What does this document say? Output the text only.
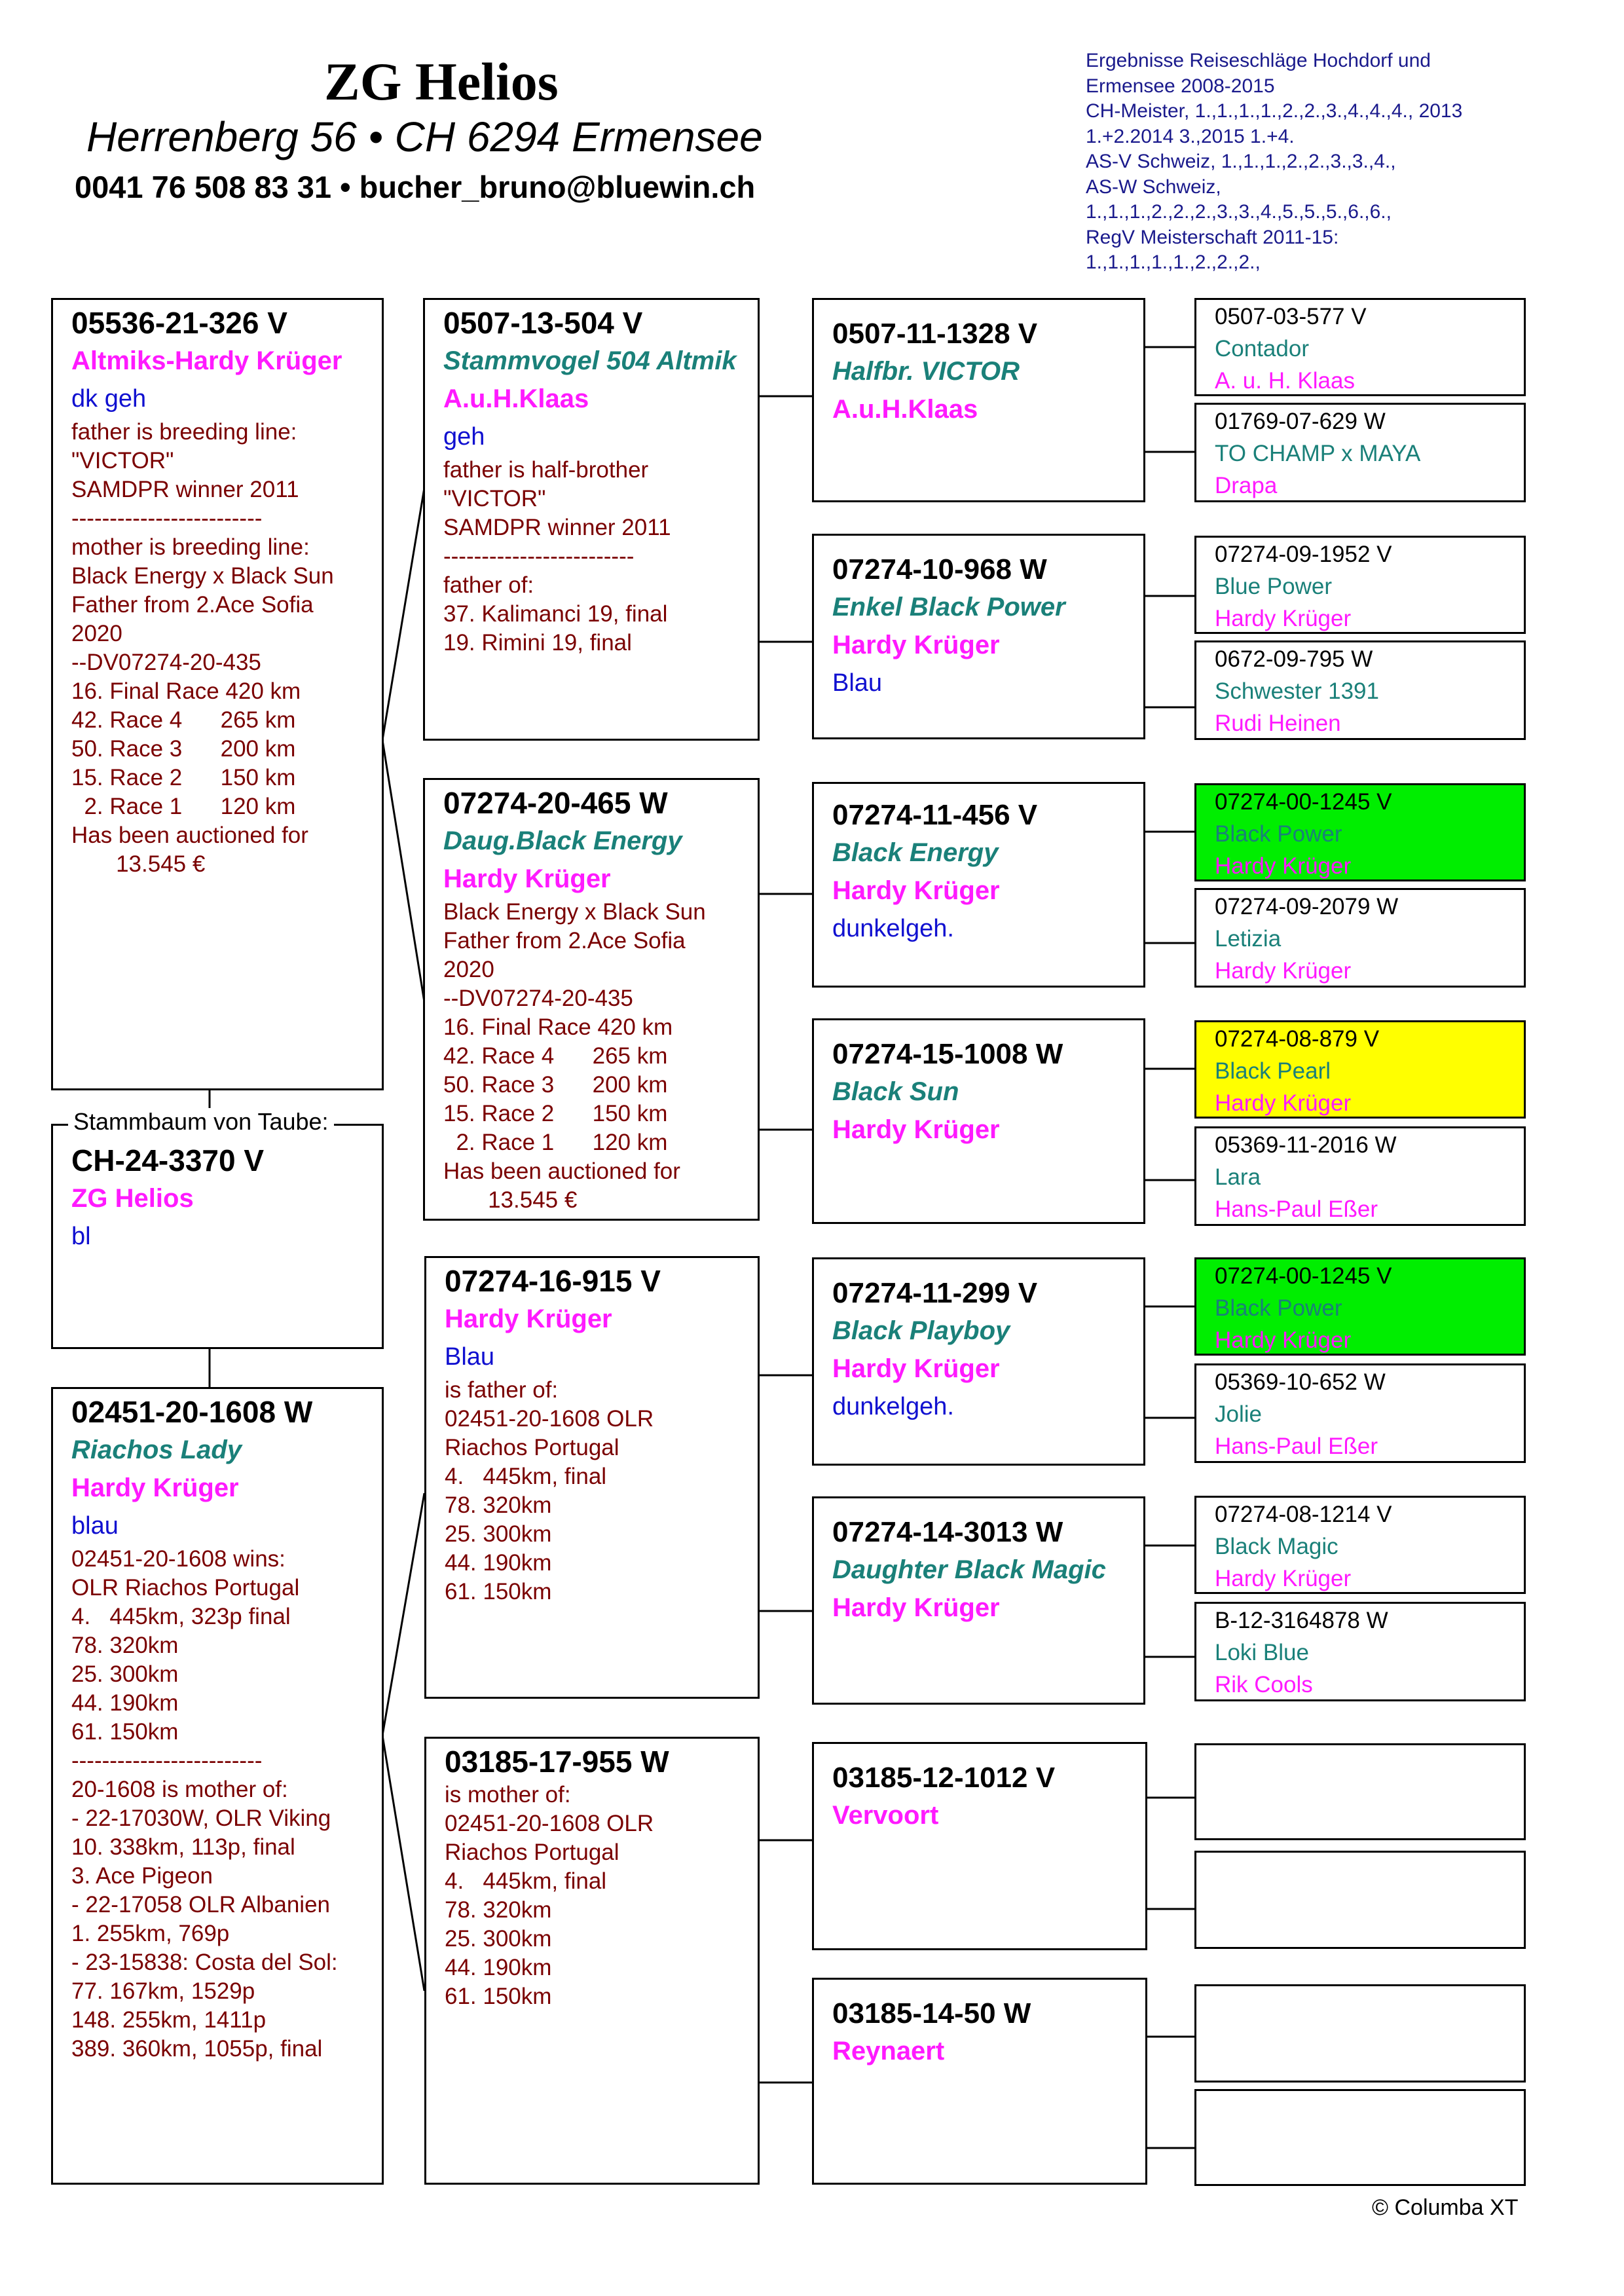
ZG Helios
Herrenberg 56 • CH 6294 Ermensee
0041 76 508 83 31 • bucher_bruno@bluewin.ch
Ergebnisse Reiseschläge Hochdorf und
Ermensee 2008-2015
CH-Meister, 1.,1.,1.,1.,2.,2.,3.,4.,4.,4., 2013
1.+2.2014 3.,2015 1.+4.
AS-V Schweiz, 1.,1.,1.,2.,2.,3.,3.,4.,
AS-W Schweiz,
1.,1.,1.,2.,2.,2.,3.,3.,4.,5.,5.,5.,6.,6.,
RegV Meisterschaft 2011-15:
1.,1.,1.,1.,1.,2.,2.,2.,
05536-21-326 V
Altmiks-Hardy Krüger
dk geh
father is breeding line:
"VICTOR"
SAMDPR winner 2011
-------------------------
mother is breeding line:
Black Energy x Black Sun
Father from 2.Ace Sofia
2020
--DV07274-20-435
16. Final Race 420 km
42. Race 4      265 km
50. Race 3      200 km
15. Race 2      150 km
2. Race 1      120 km
Has been auctioned for
13.545 €
CH-24-3370 V
ZG Helios
bl
Stammbaum von Taube:
02451-20-1608 W
Riachos Lady
Hardy Krüger
blau
02451-20-1608 wins:
OLR Riachos Portugal
4.   445km, 323p final
78. 320km
25. 300km
44. 190km
61. 150km
-------------------------
20-1608 is mother of:
- 22-17030W, OLR Viking
10. 338km, 113p, final
3. Ace Pigeon
- 22-17058 OLR Albanien
1. 255km, 769p
- 23-15838: Costa del Sol:
77. 167km, 1529p
148. 255km, 1411p
389. 360km, 1055p, final
0507-13-504 V
Stammvogel 504 Altmik
A.u.H.Klaas
geh
father is half-brother
"VICTOR"
SAMDPR winner 2011
-------------------------
father of:
37. Kalimanci 19, final
19. Rimini 19, final
07274-20-465 W
Daug.Black Energy
Hardy Krüger
Black Energy x Black Sun
Father from 2.Ace Sofia
2020
--DV07274-20-435
16. Final Race 420 km
42. Race 4      265 km
50. Race 3      200 km
15. Race 2      150 km
2. Race 1      120 km
Has been auctioned for
13.545 €
07274-16-915 V
Hardy Krüger
Blau
is father of:
02451-20-1608 OLR
Riachos Portugal
4.   445km, final
78. 320km
25. 300km
44. 190km
61. 150km
03185-17-955 W
is mother of:
02451-20-1608 OLR
Riachos Portugal
4.   445km, final
78. 320km
25. 300km
44. 190km
61. 150km
0507-11-1328 V
Halfbr. VICTOR
A.u.H.Klaas
07274-10-968 W
Enkel Black Power
Hardy Krüger
Blau
07274-11-456 V
Black Energy
Hardy Krüger
dunkelgeh.
07274-15-1008 W
Black Sun
Hardy Krüger
07274-11-299 V
Black Playboy
Hardy Krüger
dunkelgeh.
07274-14-3013 W
Daughter Black Magic
Hardy Krüger
03185-12-1012 V
Vervoort
03185-14-50 W
Reynaert
0507-03-577 V
Contador
A. u. H. Klaas
01769-07-629 W
TO CHAMP x MAYA
Drapa
07274-09-1952 V
Blue Power
Hardy Krüger
0672-09-795 W
Schwester 1391
Rudi Heinen
07274-00-1245 V
Black Power
Hardy Krüger
07274-09-2079 W
Letizia
Hardy Krüger
07274-08-879 V
Black Pearl
Hardy Krüger
05369-11-2016 W
Lara
Hans-Paul Eßer
07274-00-1245 V
Black Power
Hardy Krüger
05369-10-652 W
Jolie
Hans-Paul Eßer
07274-08-1214 V
Black Magic
Hardy Krüger
B-12-3164878 W
Loki Blue
Rik Cools
© Columba XT
